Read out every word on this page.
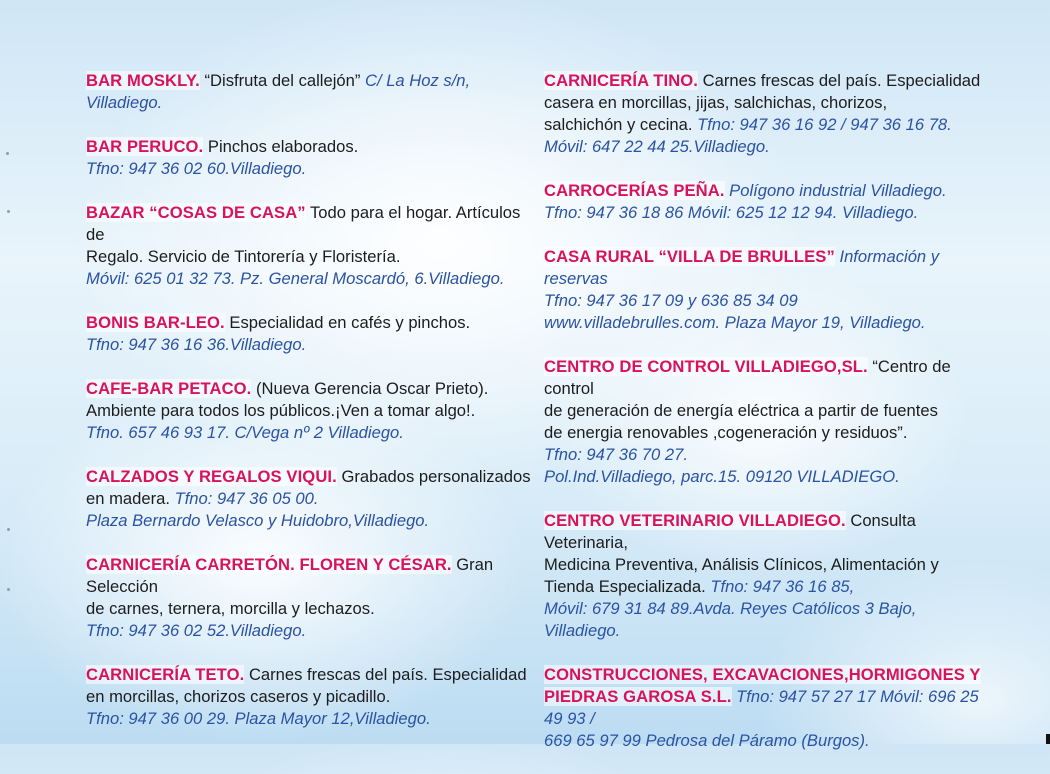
BAR MOSKLY. “Disfruta del callejón” C/ La Hoz s/n,
Villadiego.
BAR PERUCO. Pinchos elaborados.
Tfno: 947 36 02 60.Villadiego.
BAZAR “COSAS DE CASA” Todo para el hogar. Artículos de
Regalo. Servicio de Tintorería y Floristería.
Móvil: 625 01 32 73. Pz. General Moscardó, 6.Villadiego.
BONIS BAR-LEO. Especialidad en cafés y pinchos.
Tfno: 947 36 16 36.Villadiego.
CAFE-BAR PETACO. (Nueva Gerencia Oscar Prieto).
Ambiente para todos los públicos.¡Ven a tomar algo!.
Tfno. 657 46 93 17. C/Vega nº 2 Villadiego.
CALZADOS Y REGALOS VIQUI. Grabados personalizados
en madera. Tfno: 947 36 05 00.
Plaza Bernardo Velasco y Huidobro,Villadiego.
CARNICERÍA CARRETÓN. FLOREN Y CÉSAR. Gran Selección
de carnes, ternera, morcilla y lechazos.
Tfno: 947 36 02 52.Villadiego.
CARNICERÍA TETO. Carnes frescas del país. Especialidad
en morcillas, chorizos caseros y picadillo.
Tfno: 947 36 00 29. Plaza Mayor 12,Villadiego.
CARNICERÍA TINO. Carnes frescas del país. Especialidad
casera en morcillas, jijas, salchichas, chorizos,
salchichón y cecina. Tfno: 947 36 16 92 / 947 36 16 78.
Móvil: 647 22 44 25.Villadiego.
CARROCERÍAS PEÑA. Polígono industrial Villadiego.
Tfno: 947 36 18 86 Móvil: 625 12 12 94. Villadiego.
CASA RURAL “VILLA DE BRULLES” Información y reservas
Tfno: 947 36 17 09 y 636 85 34 09
www.villadebrulles.com. Plaza Mayor 19, Villadiego.
CENTRO DE CONTROL VILLADIEGO,SL. “Centro de control
de generación de energía eléctrica a partir de fuentes
de energia renovables ,cogeneración y residuos”.
Tfno: 947 36 70 27.
Pol.Ind.Villadiego, parc.15. 09120 VILLADIEGO.
CENTRO VETERINARIO VILLADIEGO. Consulta Veterinaria,
Medicina Preventiva, Análisis Clínicos, Alimentación y
Tienda Especializada. Tfno: 947 36 16 85,
Móvil: 679 31 84 89.Avda. Reyes Católicos 3 Bajo,
Villadiego.
CONSTRUCCIONES, EXCAVACIONES,HORMIGONES Y PIEDRAS GAROSA S.L. Tfno: 947 57 27 17 Móvil: 696 25 49 93 /
669 65 97 99 Pedrosa del Páramo (Burgos).
